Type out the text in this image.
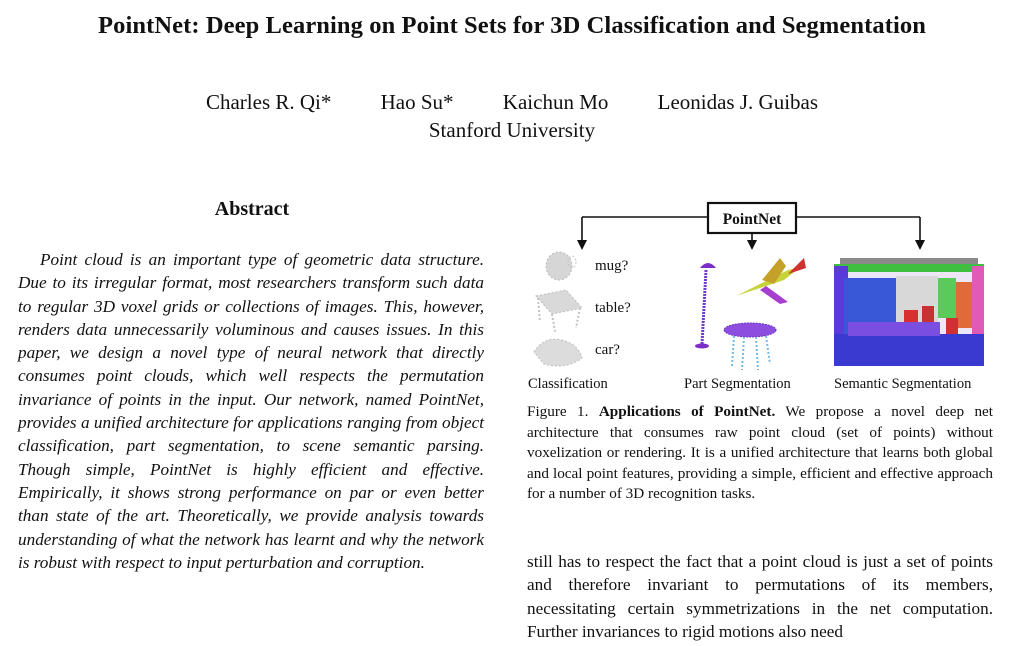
PointNet: Deep Learning on Point Sets for 3D Classification and Segmentation
Charles R. Qi* Hao Su* Kaichun Mo Leonidas J. Guibas
Stanford University
Abstract

Point cloud is an important type of geometric data structure. Due to its irregular format, most researchers transform such data to regular 3D voxel grids or collections of images. This, however, renders data unnecessarily voluminous and causes issues. In this paper, we design a novel type of neural network that directly consumes point clouds, which well respects the permutation invariance of points in the input. Our network, named PointNet, provides a unified architecture for applications ranging from object classification, part segmentation, to scene semantic parsing. Though simple, PointNet is highly efficient and effective. Empirically, it shows strong performance on par or even better than state of the art. Theoretically, we provide analysis towards understanding of what the network has learnt and why the network is robust with respect to input perturbation and corruption.

PointNet
mug?
table?
car?
Classification	Part Segmentation	Semantic Segmentation

Figure 1. Applications of PointNet. We propose a novel deep net architecture that consumes raw point cloud (set of points) without voxelization or rendering. It is a unified architecture that learns both global and local point features, providing a simple, efficient and effective approach for a number of 3D recognition tasks.

still has to respect the fact that a point cloud is just a set of points and therefore invariant to permutations of its members, necessitating certain symmetrizations in the net computation. Further invariances to rigid motions also need
